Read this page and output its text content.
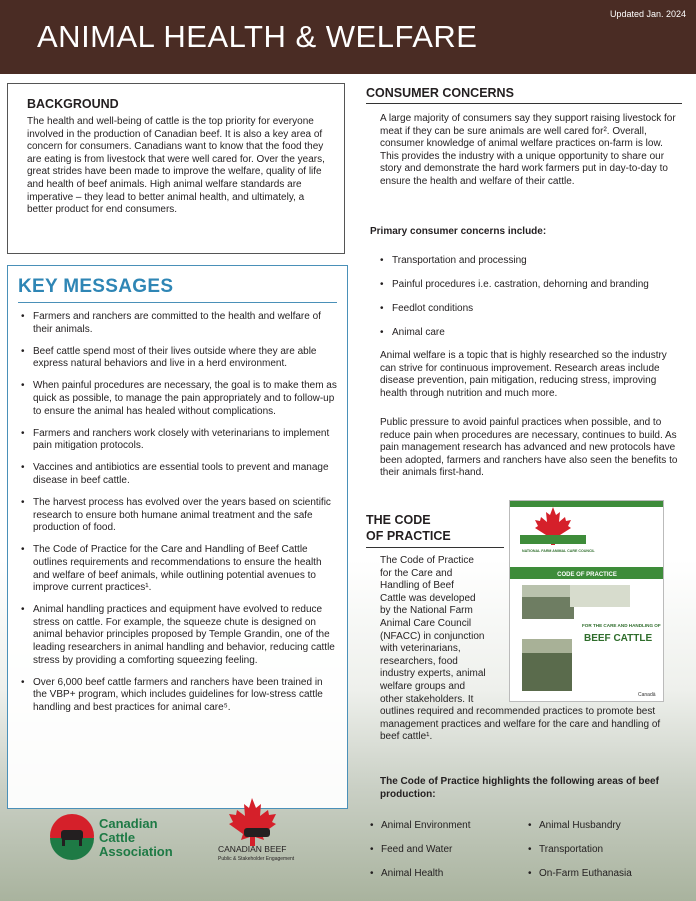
Updated Jan. 2024
ANIMAL HEALTH & WELFARE
BACKGROUND

The health and well-being of cattle is the top priority for everyone involved in the production of Canadian beef. It is also a key area of concern for consumers. Canadians want to know that the food they are eating is from livestock that were well cared for. Over the years, great strides have been made to improve the welfare, quality of life and health of beef animals. High animal welfare standards are imperative – they lead to better animal health, and ultimately, a better product for end consumers.

KEY MESSAGES
• Farmers and ranchers are committed to the health and welfare of their animals.
• Beef cattle spend most of their lives outside where they are able express natural behaviors and live in a herd environment.
• When painful procedures are necessary, the goal is to make them as quick as possible, to manage the pain appropriately and to follow-up to ensure the animal has healed without complications.
• Farmers and ranchers work closely with veterinarians to implement pain mitigation protocols.
• Vaccines and antibiotics are essential tools to prevent and manage disease in beef cattle.
• The harvest process has evolved over the years based on scientific research to ensure both humane animal treatment and the safe production of food.
• The Code of Practice for the Care and Handling of Beef Cattle outlines requirements and recommendations to ensure the health and welfare of beef animals, while outlining potential avenues to improve current practices¹.
• Animal handling practices and equipment have evolved to reduce stress on cattle. For example, the squeeze chute is designed on animal behavior principles proposed by Temple Grandin, one of the leading researchers in animal handling and behavior, reducing cattle stress by providing a comforting squeezing feeling.
• Over 6,000 beef cattle farmers and ranchers have been trained in the VBP+ program, which includes guidelines for low-stress cattle handling and best practices for animal care⁵.
CONSUMER CONCERNS

A large majority of consumers say they support raising livestock for meat if they can be sure animals are well cared for². Overall, consumer knowledge of animal welfare practices on-farm is low. This provides the industry with a unique opportunity to share our story and demonstrate the hard work farmers put in day-to-day to ensure the health and welfare of their cattle.

Primary consumer concerns include:
• Transportation and processing
• Painful procedures i.e. castration, dehorning and branding
• Feedlot conditions
• Animal care

Animal welfare is a topic that is highly researched so the industry can strive for continuous improvement. Research areas include disease prevention, pain mitigation, reducing stress, improving health through nutrition and much more.

Public pressure to avoid painful practices when possible, and to reduce pain when procedures are necessary, continues to build. As pain management research has advanced and new protocols have been adopted, farmers and ranchers have also seen the benefits to their animals first-hand.

THE CODE
OF PRACTICE
The Code of Practice
for the Care and
Handling of Beef
Cattle was developed
by the National Farm
Animal Care Council
(NFACC) in conjunction
with veterinarians,
researchers, food
industry experts, animal
welfare groups and
other stakeholders. It

outlines required and recommended practices to promote best management practices and welfare for the care and handling of beef cattle¹.

NATIONAL FARM ANIMAL CARE COUNCIL
CODE OF PRACTICE
FOR THE CARE AND HANDLING OF
BEEF CATTLE
Canadä
The Code of Practice highlights the following areas of beef production:
• Animal Environment
• Feed and Water
• Animal Health
• Animal Husbandry
• Transportation
• On-Farm Euthanasia
Canadian
Cattle
Association	CANADIAN BEEF
Public & Stakeholder Engagement
